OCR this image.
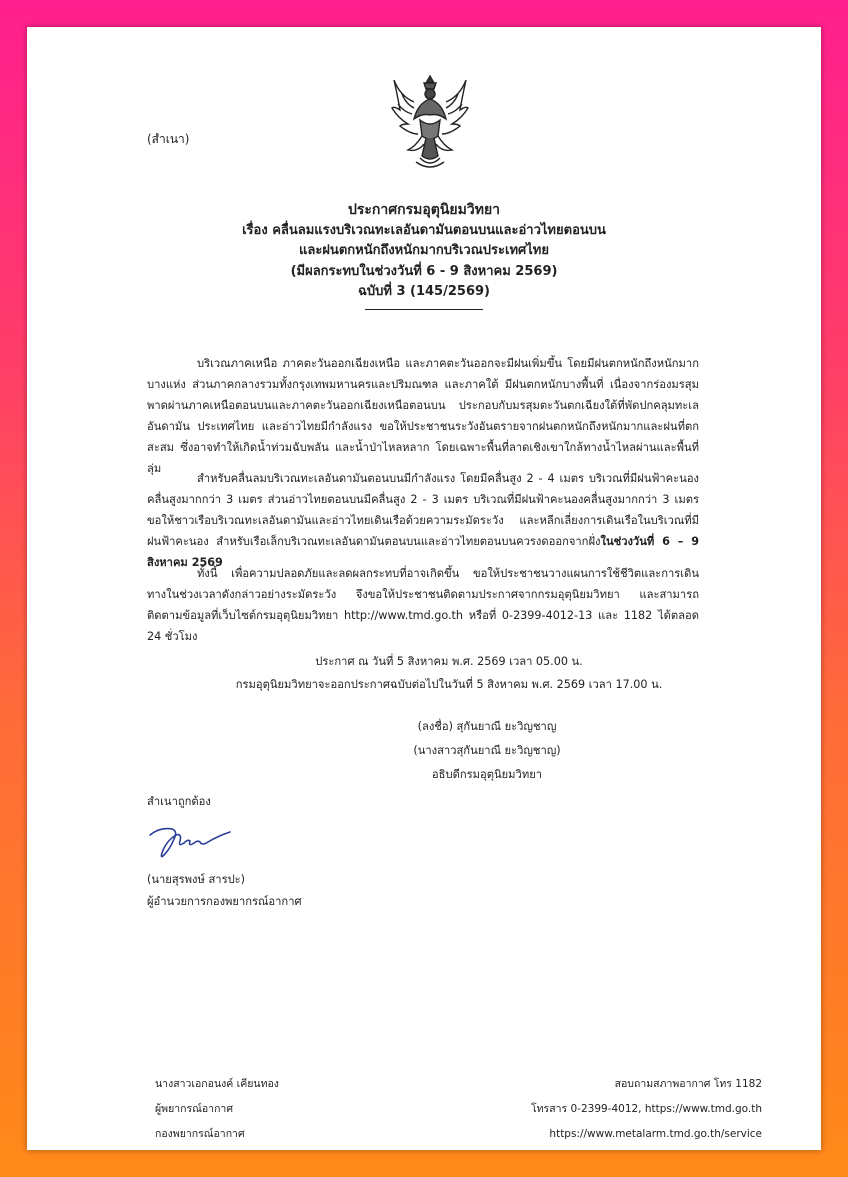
(สำเนา)
ประกาศกรมอุตุนิยมวิทยา
เรื่อง คลื่นลมแรงบริเวณทะเลอันดามันตอนบนและอ่าวไทยตอนบน
และฝนตกหนักถึงหนักมากบริเวณประเทศไทย
(มีผลกระทบในช่วงวันที่ 6 - 9 สิงหาคม 2569)
ฉบับที่ 3 (145/2569)
บริเวณภาคเหนือ ภาคตะวันออกเฉียงเหนือ และภาคตะวันออกจะมีฝนเพิ่มขึ้น โดยมีฝนตกหนักถึงหนักมากบางแห่ง ส่วนภาคกลางรวมทั้งกรุงเทพมหานครและปริมณฑล และภาคใต้ มีฝนตกหนักบางพื้นที่ เนื่องจากร่องมรสุมพาดผ่านภาคเหนือตอนบนและภาคตะวันออกเฉียงเหนือตอนบน ประกอบกับมรสุมตะวันตกเฉียงใต้ที่พัดปกคลุมทะเลอันดามัน ประเทศไทย และอ่าวไทยมีกำลังแรง ขอให้ประชาชนระวังอันตรายจากฝนตกหนักถึงหนักมากและฝนที่ตกสะสม ซึ่งอาจทำให้เกิดน้ำท่วมฉับพลัน และน้ำป่าไหลหลาก โดยเฉพาะพื้นที่ลาดเชิงเขาใกล้ทางน้ำไหลผ่านและพื้นที่ลุ่ม
สำหรับคลื่นลมบริเวณทะเลอันดามันตอนบนมีกำลังแรง โดยมีคลื่นสูง 2 - 4 เมตร บริเวณที่มีฝนฟ้าคะนองคลื่นสูงมากกว่า 3 เมตร ส่วนอ่าวไทยตอนบนมีคลื่นสูง 2 - 3 เมตร บริเวณที่มีฝนฟ้าคะนองคลื่นสูงมากกว่า 3 เมตร ขอให้ชาวเรือบริเวณทะเลอันดามันและอ่าวไทยเดินเรือด้วยความระมัดระวัง และหลีกเลี่ยงการเดินเรือในบริเวณที่มีฝนฟ้าคะนอง สำหรับเรือเล็กบริเวณทะเลอันดามันตอนบนและอ่าวไทยตอนบนควรงดออกจากฝั่งในช่วงวันที่ 6 – 9 สิงหาคม 2569
ทั้งนี้ เพื่อความปลอดภัยและลดผลกระทบที่อาจเกิดขึ้น ขอให้ประชาชนวางแผนการใช้ชีวิตและการเดินทางในช่วงเวลาดังกล่าวอย่างระมัดระวัง จึงขอให้ประชาชนติดตามประกาศจากกรมอุตุนิยมวิทยา และสามารถติดตามข้อมูลที่เว็บไซต์กรมอุตุนิยมวิทยา http://www.tmd.go.th หรือที่ 0-2399-4012-13 และ 1182 ได้ตลอด 24 ชั่วโมง
ประกาศ ณ วันที่ 5 สิงหาคม พ.ศ. 2569 เวลา 05.00 น.
กรมอุตุนิยมวิทยาจะออกประกาศฉบับต่อไปในวันที่ 5 สิงหาคม พ.ศ. 2569 เวลา 17.00 น.
(ลงชื่อ) สุกันยาณี ยะวิญชาญ
(นางสาวสุกันยาณี ยะวิญชาญ)
อธิบดีกรมอุตุนิยมวิทยา
สำเนาถูกต้อง
(นายสุรพงษ์ สารปะ)
ผู้อำนวยการกองพยากรณ์อากาศ
นางสาวเอกอนงค์ เคียนทอง
ผู้พยากรณ์อากาศ
กองพยากรณ์อากาศ
สอบถามสภาพอากาศ โทร 1182
โทรสาร 0-2399-4012, https://www.tmd.go.th
https://www.metalarm.tmd.go.th/service
